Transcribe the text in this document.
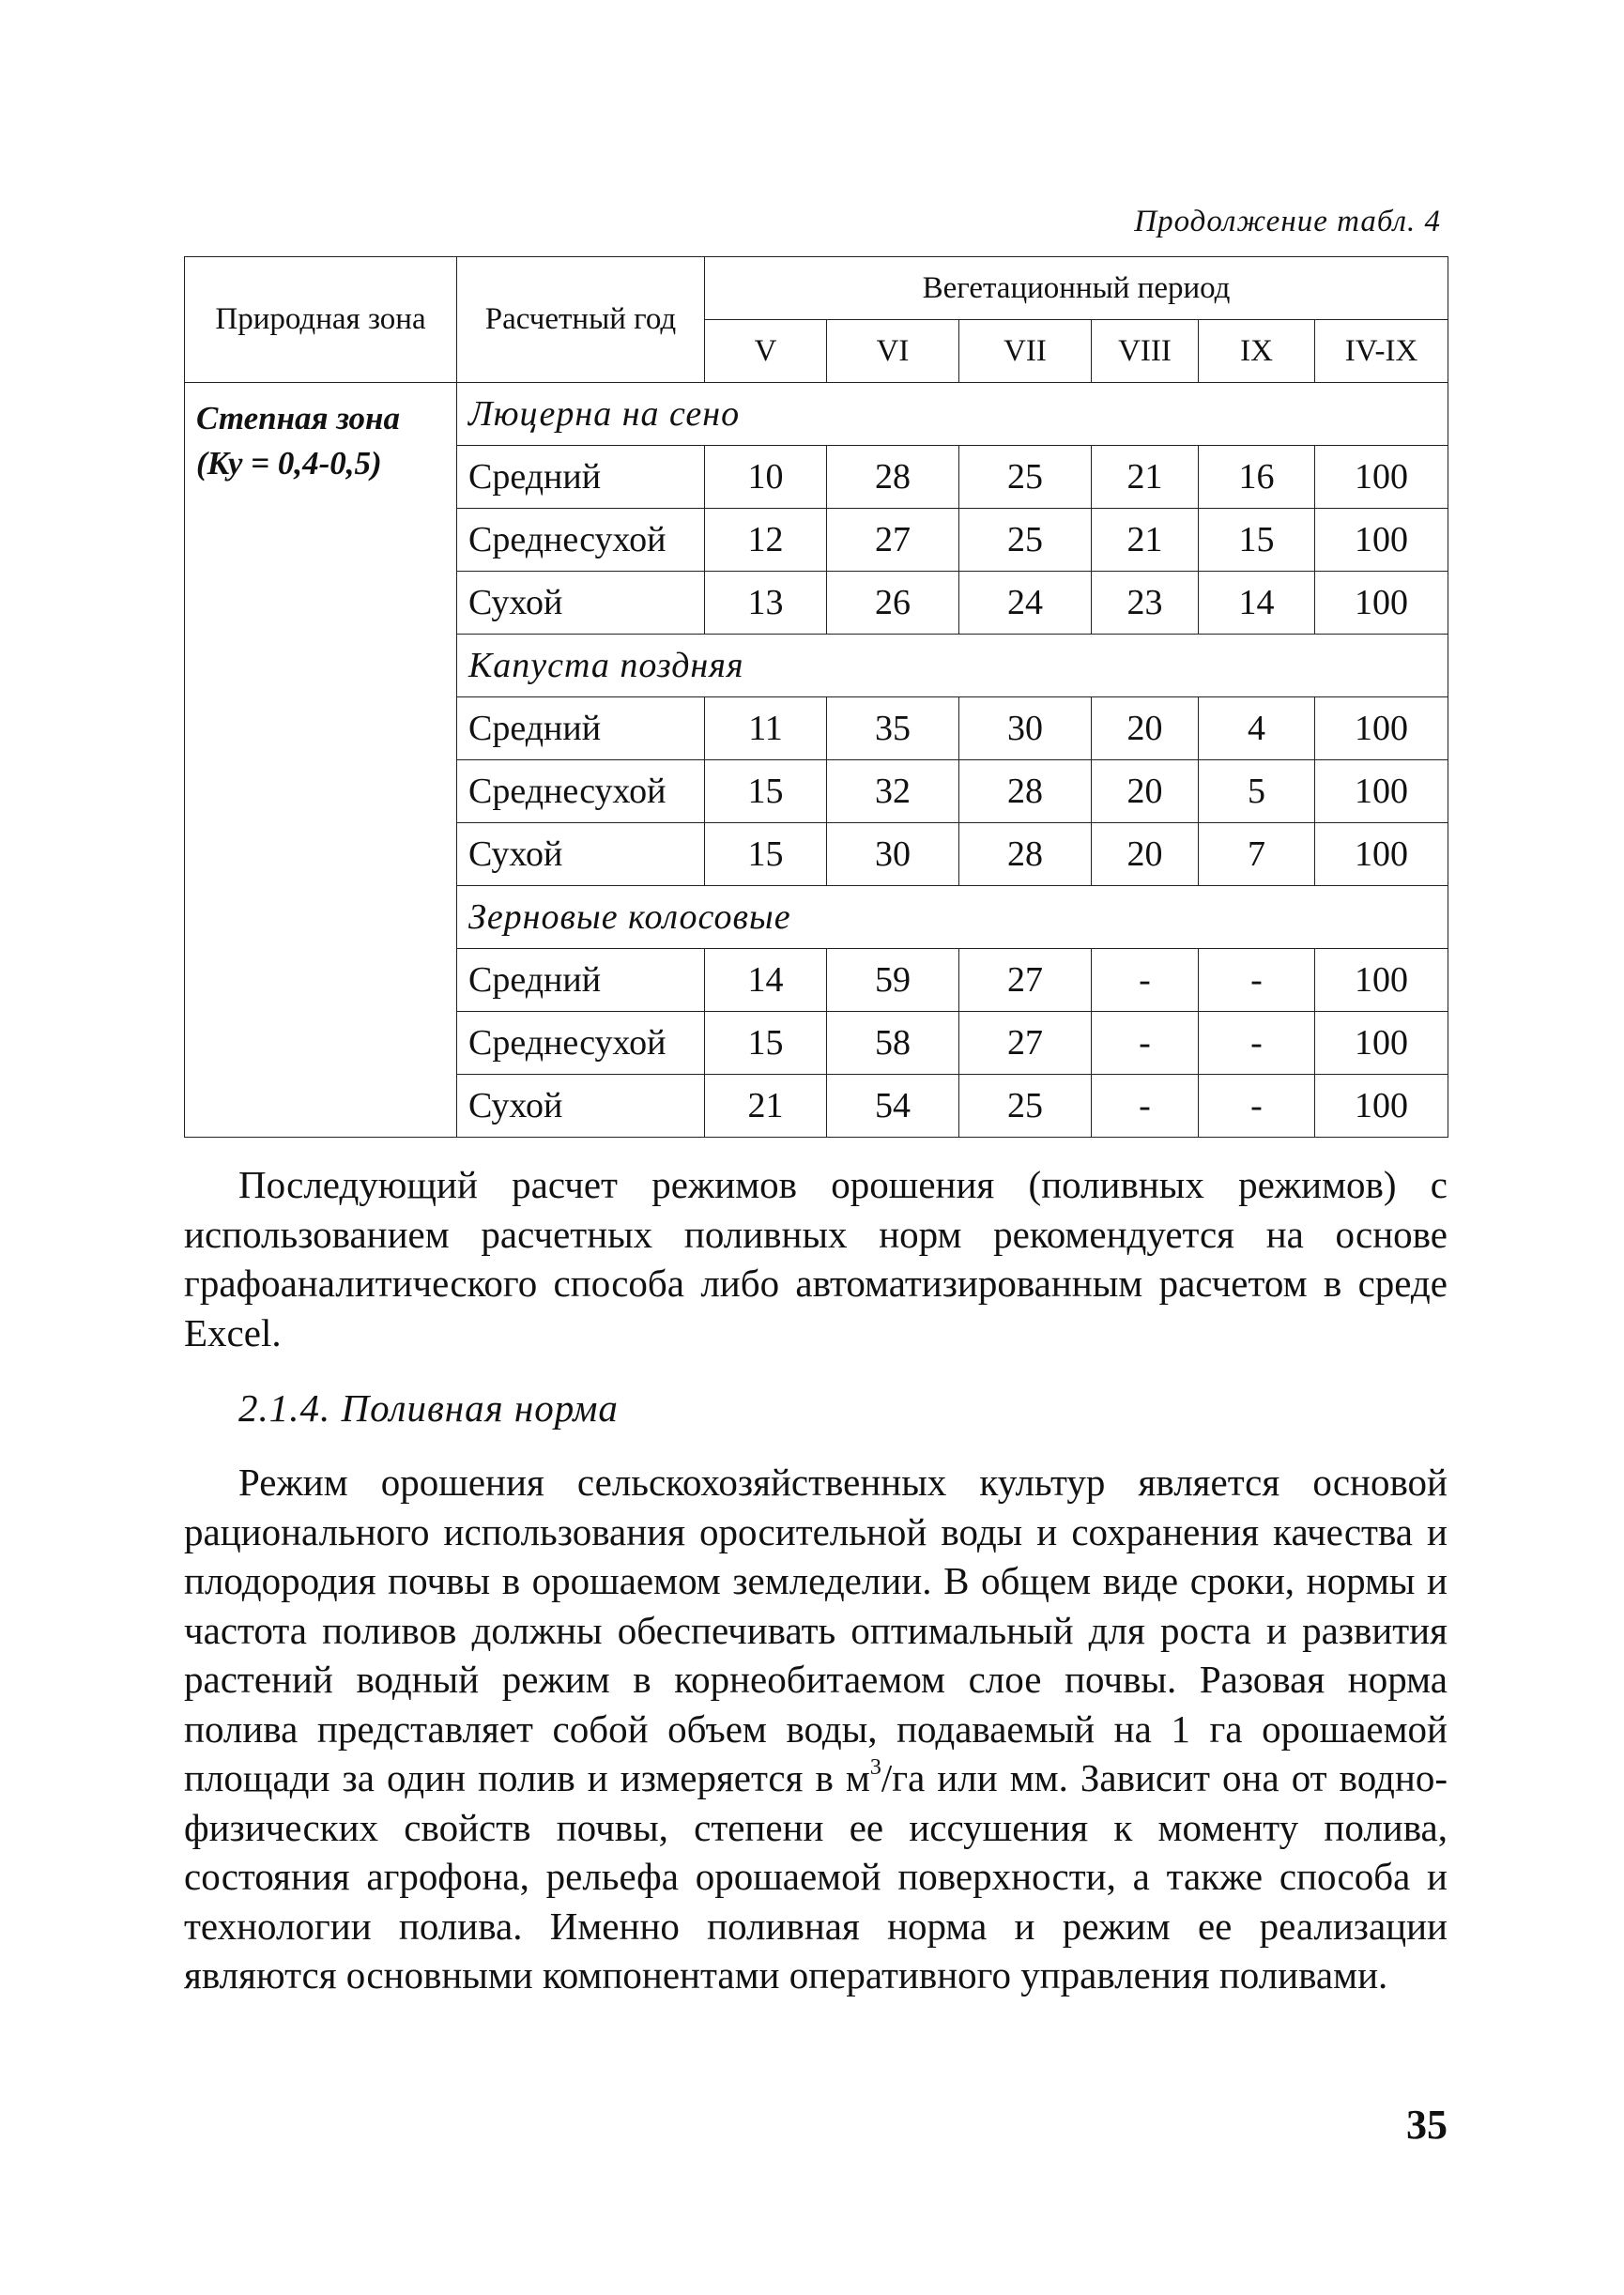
Продолжение табл. 4
Природная зона	Расчетный год	Вегетационный период					
		V	VI	VII	VIII	IX	IV-IX

Степная зона
(Ку = 0,4-0,5)	Люцерна на сено						
	Средний	10	28	25	21	16	100
	Среднесухой	12	27	25	21	15	100
	Сухой	13	26	24	23	14	100
	Капуста поздняя						
	Средний	11	35	30	20	4	100
	Среднесухой	15	32	28	20	5	100
	Сухой	15	30	28	20	7	100
	Зерновые колосовые						
	Средний	14	59	27	-	-	100
	Среднесухой	15	58	27	-	-	100
	Сухой	21	54	25	-	-	100
Последующий расчет режимов орошения (поливных режимов) с использованием расчетных поливных норм рекомендуется на основе графоаналитического способа либо автоматизированным расчетом в среде Excel.
2.1.4. Поливная норма
Режим орошения сельскохозяйственных культур является основой рационального использования оросительной воды и сохранения качества и плодородия почвы в орошаемом земледелии. В общем виде сроки, нормы и частота поливов должны обеспечивать оптимальный для роста и развития растений водный режим в корнеобитаемом слое почвы. Разовая норма полива представляет собой объем воды, подаваемый на 1 га орошаемой площади за один полив и измеряется в $м^3/га$ или мм. Зависит она от водно-физических свойств почвы, степени ее иссушения к моменту полива, состояния агрофона, рельефа орошаемой поверхности, а также способа и технологии полива. Именно поливная норма и режим ее реализации являются основными компонентами оперативного управления поливами.
35
